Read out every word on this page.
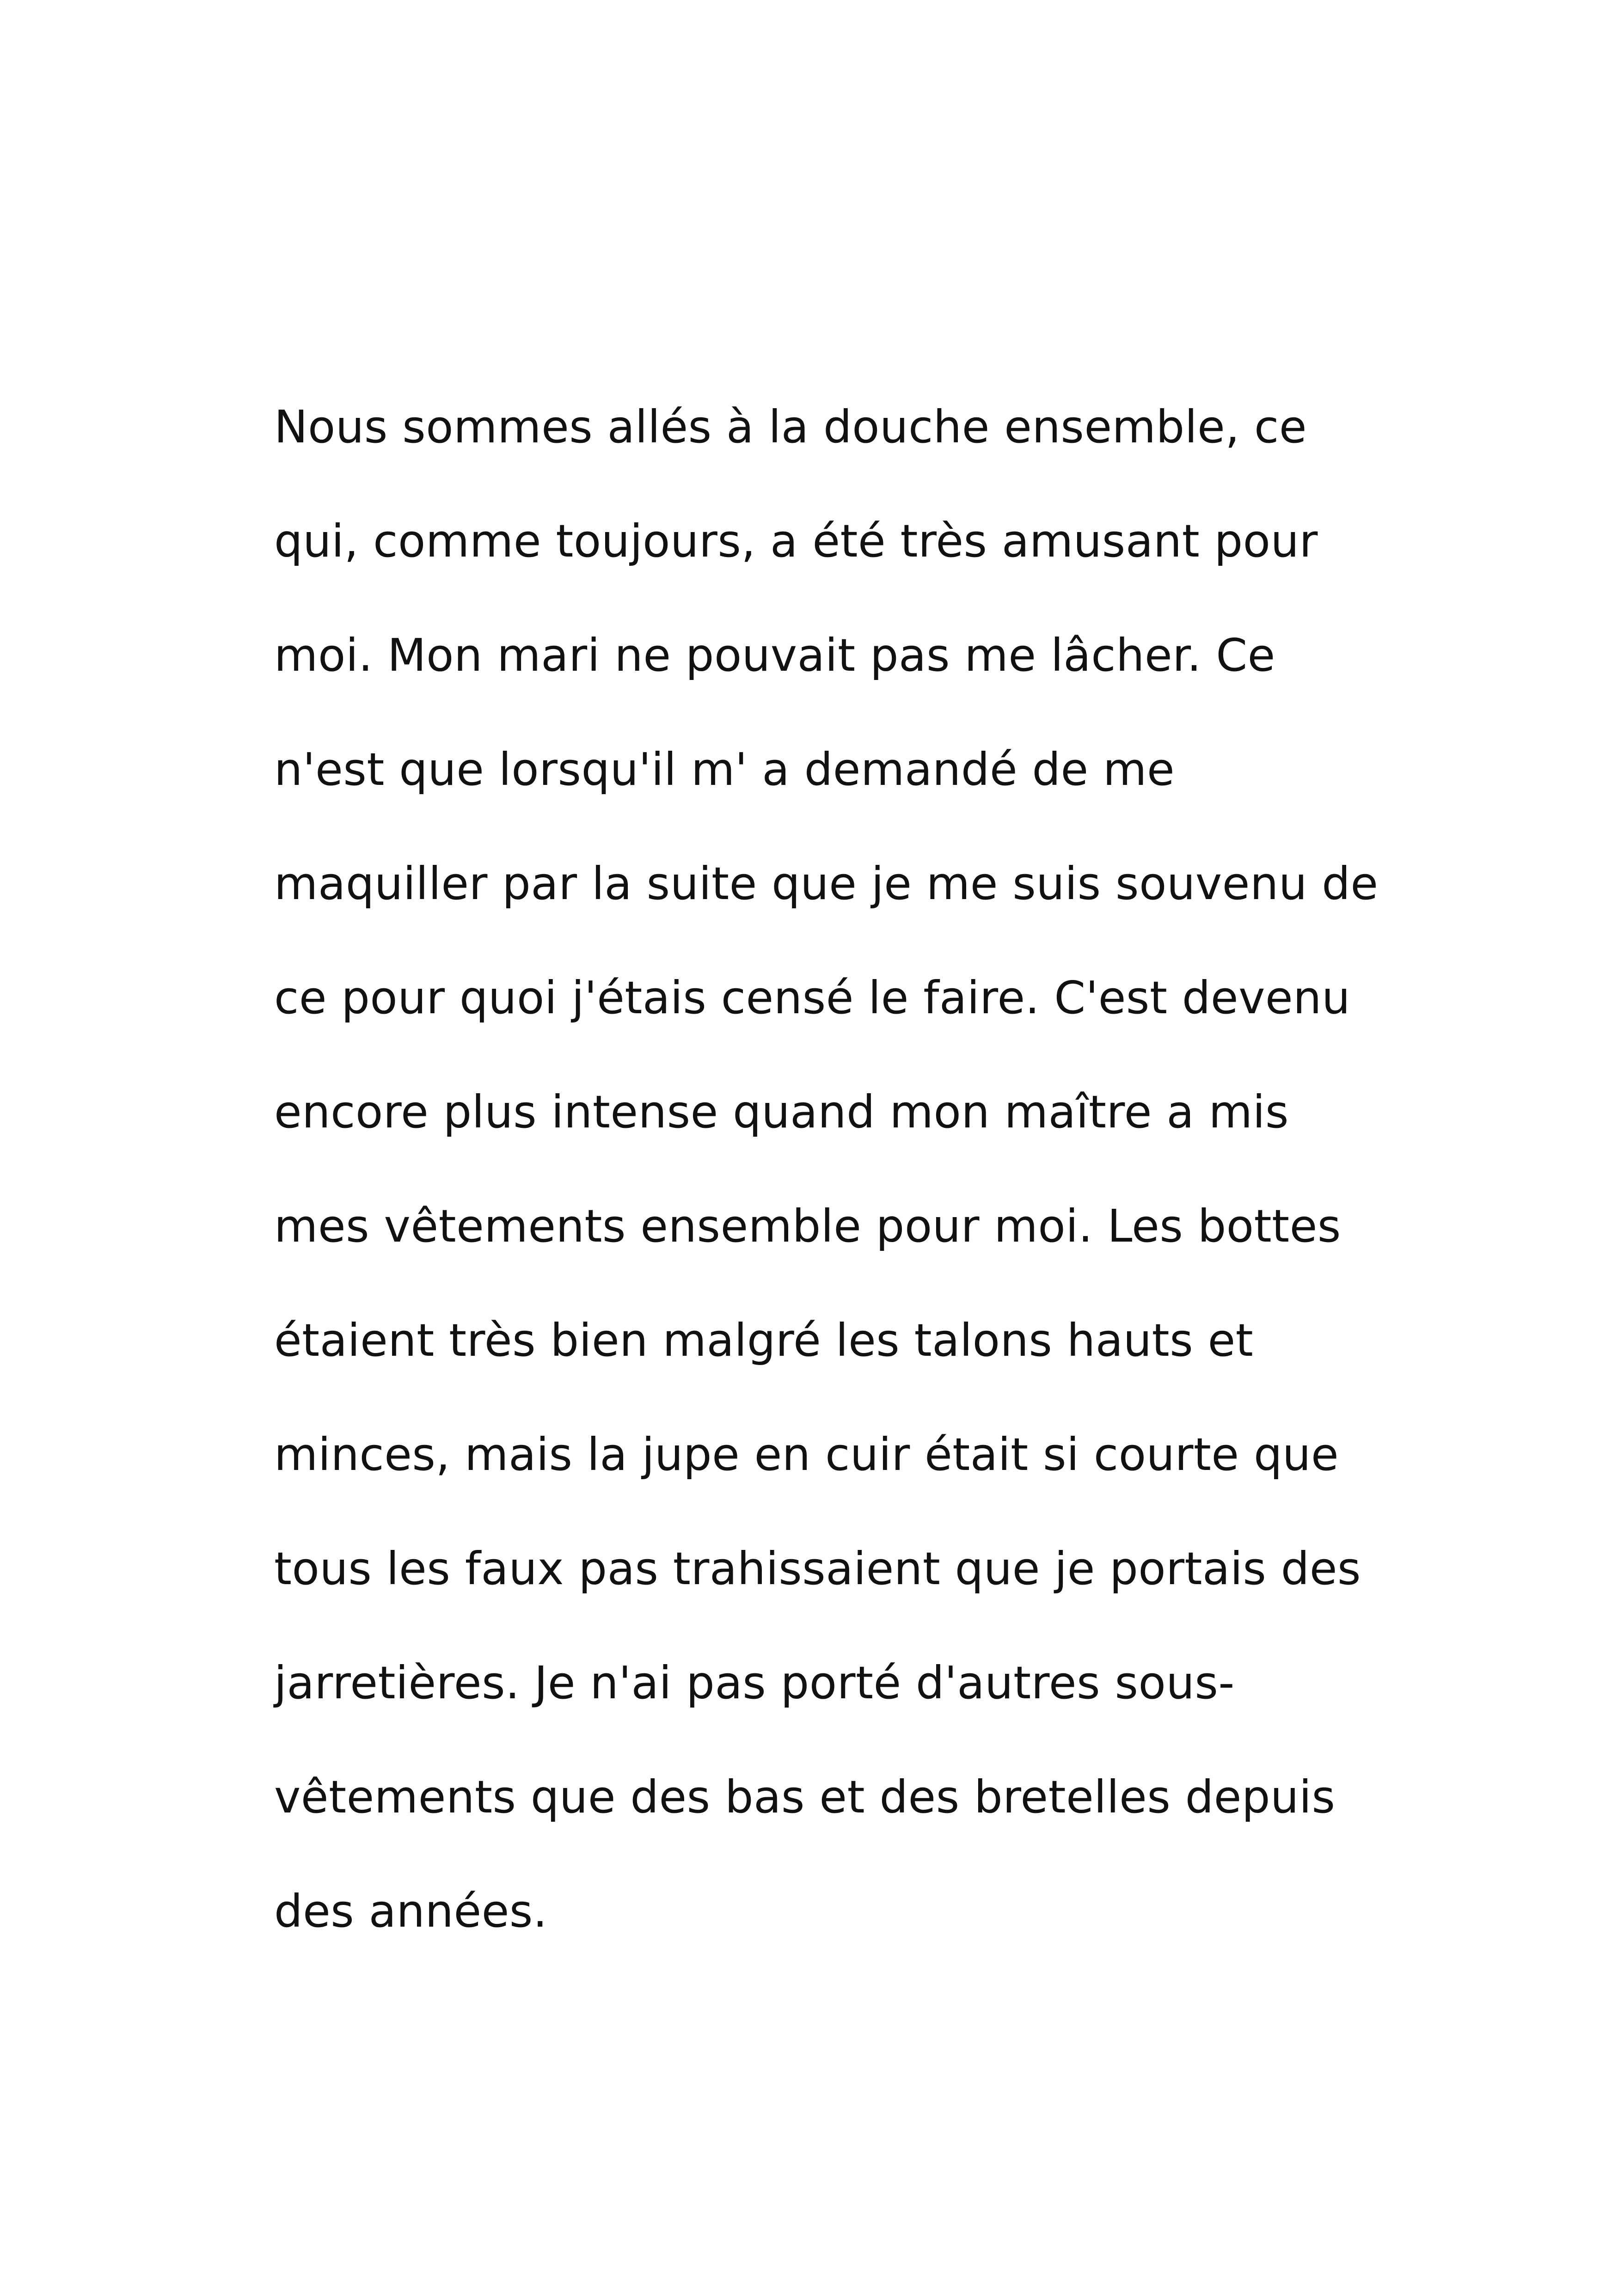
Nous sommes allés à la douche ensemble, ce
qui, comme toujours, a été très amusant pour
moi. Mon mari ne pouvait pas me lâcher. Ce
n'est que lorsqu'il m' a demandé de me
maquiller par la suite que je me suis souvenu de
ce pour quoi j'étais censé le faire. C'est devenu
encore plus intense quand mon maître a mis
mes vêtements ensemble pour moi. Les bottes
étaient très bien malgré les talons hauts et
minces, mais la jupe en cuir était si courte que
tous les faux pas trahissaient que je portais des
jarretières. Je n'ai pas porté d'autres sous-
vêtements que des bas et des bretelles depuis
des années.
